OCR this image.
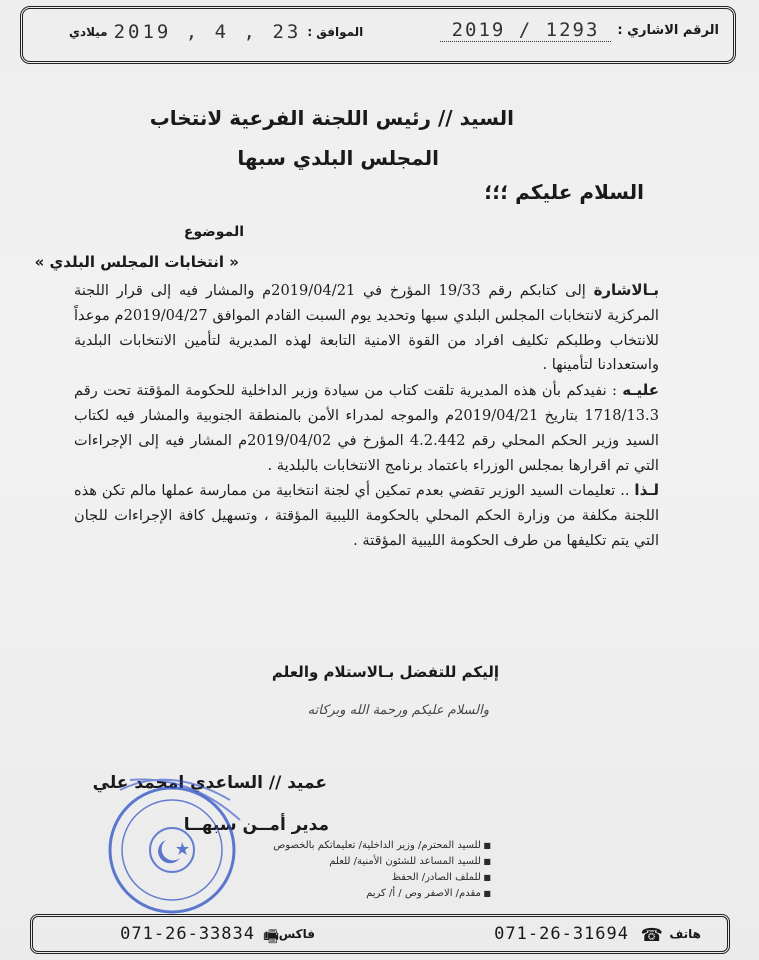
الرقم الاشاري :
2019 / 1293
الموافق :
2019 , 4 , 23
ميلادي
السيد // رئيس اللجنة الفرعية لانتخاب
المجلس البلدي سبها
السلام عليكم ؛؛؛
الموضوع
« انتخابات المجلس البلدي »

بـالاشارة إلى كتابكم رقم 19/33 المؤرخ في 2019/04/21م والمشار فيه إلى قرار اللجنة المركزية لانتخابات المجلس البلدي سبها وتحديد يوم السبت القادم الموافق 2019/04/27م موعداً للانتخاب وطلبكم تكليف افراد من القوة الامنية التابعة لهذه المديرية لتأمين الانتخابات البلدية واستعدادنا لتأمينها .

عليـه : نفيدكم بأن هذه المديرية تلقت كتاب من سيادة وزير الداخلية للحكومة المؤقتة تحت رقم 1718/13.3 بتاريخ 2019/04/21م والموجه لمدراء الأمن بالمنطقة الجنوبية والمشار فيه لكتاب السيد وزير الحكم المحلي رقم 4.2.442 المؤرخ في 2019/04/02م المشار فيه إلى الإجراءات التي تم اقرارها بمجلس الوزراء باعتماد برنامج الانتخابات بالبلدية .

لـذا .. تعليمات السيد الوزير تقضي بعدم تمكين أي لجنة انتخابية من ممارسة عملها مالم تكن هذه اللجنة مكلفة من وزارة الحكم المحلي بالحكومة الليبية المؤقتة ، وتسهيل كافة الإجراءات للجان التي يتم تكليفها من طرف الحكومة الليبية المؤقتة .

إليكم للتفضل بـالاستلام والعلم
والسلام عليكم ورحمة الله وبركاته
عميد // الساعدي امحمد علي
مدير أمــن سبهــا
■ للسيد المحترم/ وزير الداخلية/ تعليماتكم بالخصوص
■ للسيد المساعد للشئون الأمنية/ للعلم
■ للملف الصادر/ الحفظ
■ مقدم/ الاصفر وص / أ/ كريم
هاتف
☎
071-26-31694
فاكس
🖷
071-26-33834
